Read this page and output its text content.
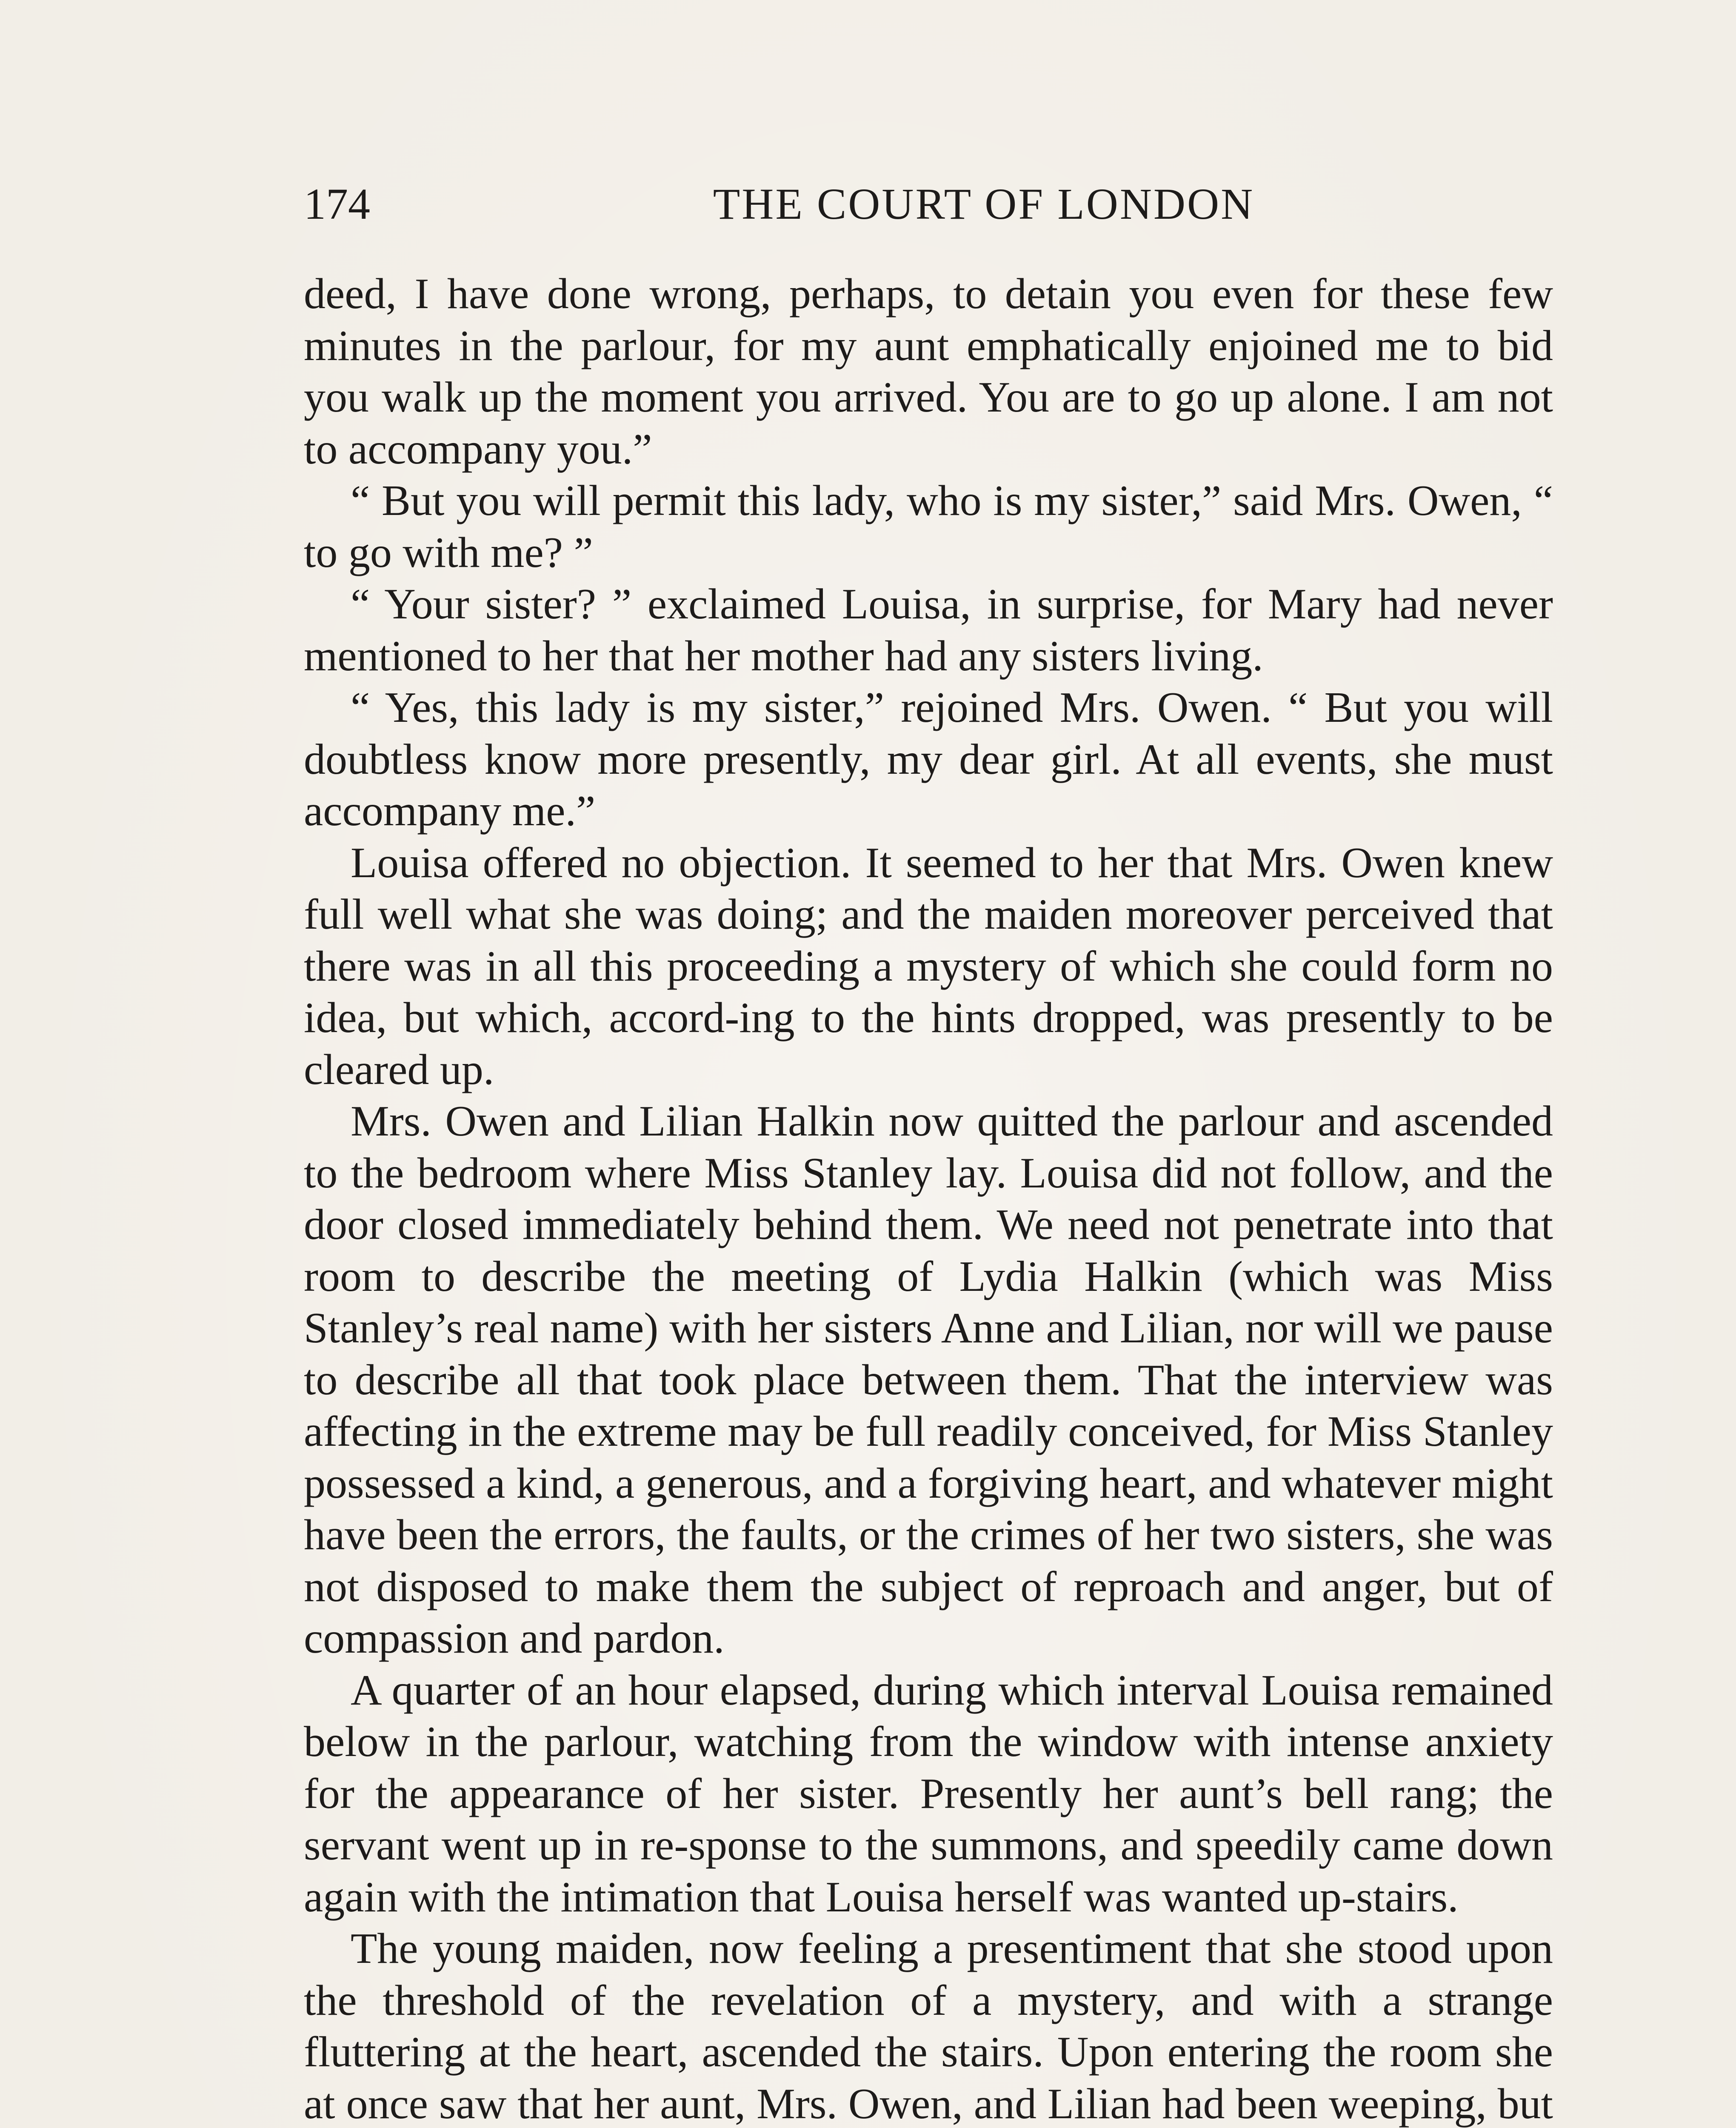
174	THE COURT OF LONDON

deed, I have done wrong, perhaps, to detain you even for these few minutes in the parlour, for my aunt emphatically enjoined me to bid you walk up the moment you arrived. You are to go up alone. I am not to accompany you.”

“ But you will permit this lady, who is my sister,” said Mrs. Owen, “ to go with me? ”

“ Your sister? ” exclaimed Louisa, in surprise, for Mary had never mentioned to her that her mother had any sisters living.

“ Yes, this lady is my sister,” rejoined Mrs. Owen. “ But you will doubtless know more presently, my dear girl. At all events, she must accompany me.”

Louisa offered no objection. It seemed to her that Mrs. Owen knew full well what she was doing; and the maiden moreover perceived that there was in all this proceeding a mystery of which she could form no idea, but which, accord-ing to the hints dropped, was presently to be cleared up.

Mrs. Owen and Lilian Halkin now quitted the parlour and ascended to the bedroom where Miss Stanley lay. Louisa did not follow, and the door closed immediately behind them. We need not penetrate into that room to describe the meeting of Lydia Halkin (which was Miss Stanley’s real name) with her sisters Anne and Lilian, nor will we pause to describe all that took place between them. That the interview was affecting in the extreme may be full readily conceived, for Miss Stanley possessed a kind, a generous, and a forgiving heart, and whatever might have been the errors, the faults, or the crimes of her two sisters, she was not disposed to make them the subject of reproach and anger, but of compassion and pardon.

A quarter of an hour elapsed, during which interval Louisa remained below in the parlour, watching from the window with intense anxiety for the appearance of her sister. Presently her aunt’s bell rang; the servant went up in re-sponse to the summons, and speedily came down again with the intimation that Louisa herself was wanted up-stairs.

The young maiden, now feeling a presentiment that she stood upon the threshold of the revelation of a mystery, and with a strange fluttering at the heart, ascended the stairs. Upon entering the room she at once saw that her aunt, Mrs. Owen, and Lilian had been weeping, but
